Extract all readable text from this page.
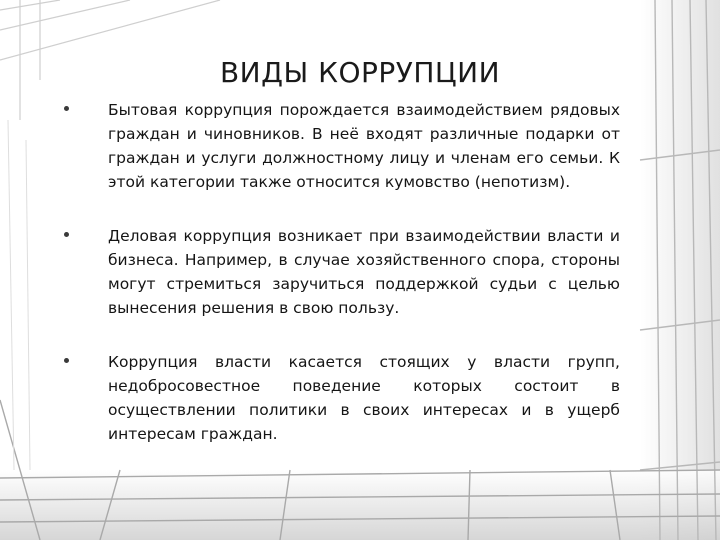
ВИДЫ КОРРУПЦИИ

Бытовая коррупция порождается взаимодействием рядовых граждан и чиновников. В неё входят различные подарки от граждан и услуги должностному лицу и членам его семьи. К этой категории также относится кумовство (непотизм).

Деловая коррупция возникает при взаимодействии власти и бизнеса. Например, в случае хозяйственного спора, стороны могут стремиться заручиться поддержкой судьи с целью вынесения решения в свою пользу.

Коррупция власти касается стоящих у власти групп, недобросовестное поведение которых состоит в осуществлении политики в своих интересах и в ущерб интересам граждан.
